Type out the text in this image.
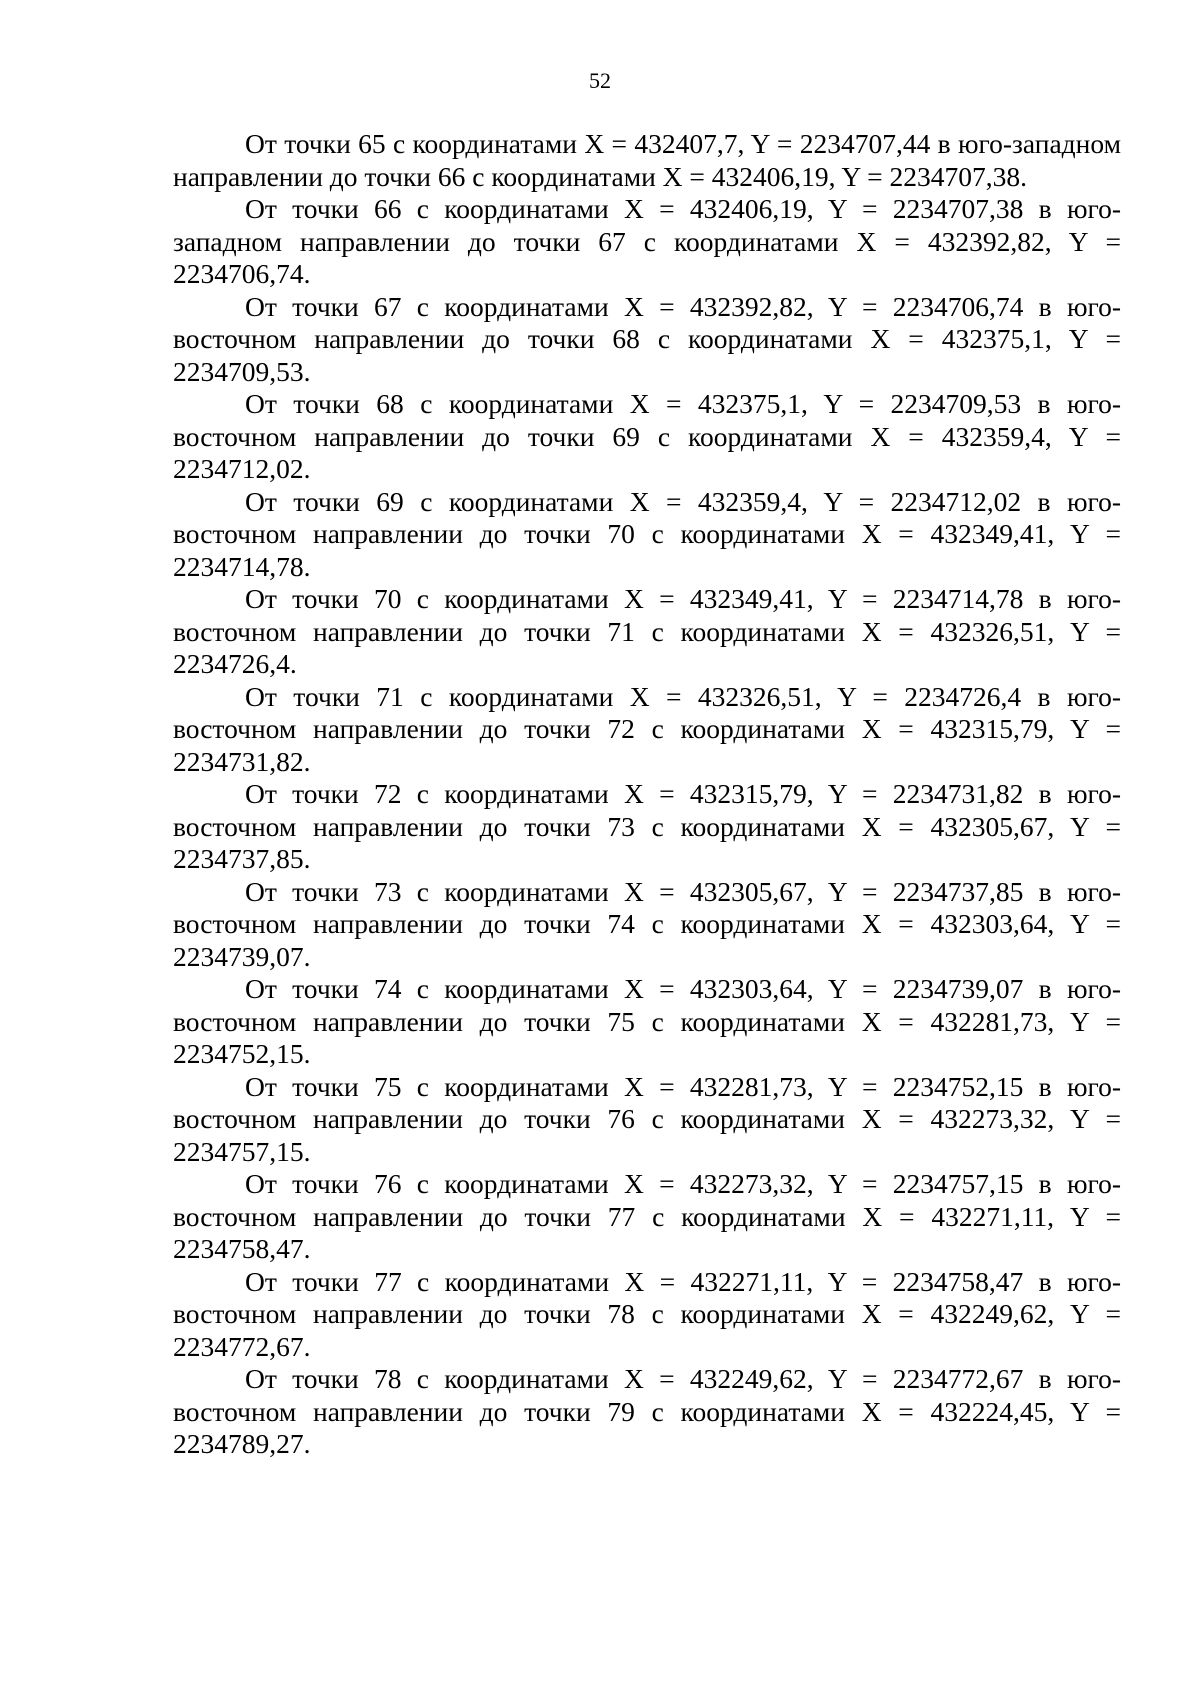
52

От точки 65 с координатами X = 432407,7, Y = 2234707,44 в юго-западном направлении до точки 66 с координатами X = 432406,19, Y = 2234707,38.

От точки 66 с координатами X = 432406,19, Y = 2234707,38 в юго-западном направлении до точки 67 с координатами X = 432392,82, Y = 2234706,74.

От точки 67 с координатами X = 432392,82, Y = 2234706,74 в юго-восточном направлении до точки 68 с координатами X = 432375,1, Y = 2234709,53.

От точки 68 с координатами X = 432375,1, Y = 2234709,53 в юго-восточном направлении до точки 69 с координатами X = 432359,4, Y = 2234712,02.

От точки 69 с координатами X = 432359,4, Y = 2234712,02 в юго-восточном направлении до точки 70 с координатами X = 432349,41, Y = 2234714,78.

От точки 70 с координатами X = 432349,41, Y = 2234714,78 в юго-восточном направлении до точки 71 с координатами X = 432326,51, Y = 2234726,4.

От точки 71 с координатами X = 432326,51, Y = 2234726,4 в юго-восточном направлении до точки 72 с координатами X = 432315,79, Y = 2234731,82.

От точки 72 с координатами X = 432315,79, Y = 2234731,82 в юго-восточном направлении до точки 73 с координатами X = 432305,67, Y = 2234737,85.

От точки 73 с координатами X = 432305,67, Y = 2234737,85 в юго-восточном направлении до точки 74 с координатами X = 432303,64, Y = 2234739,07.

От точки 74 с координатами X = 432303,64, Y = 2234739,07 в юго-восточном направлении до точки 75 с координатами X = 432281,73, Y = 2234752,15.

От точки 75 с координатами X = 432281,73, Y = 2234752,15 в юго-восточном направлении до точки 76 с координатами X = 432273,32, Y = 2234757,15.

От точки 76 с координатами X = 432273,32, Y = 2234757,15 в юго-восточном направлении до точки 77 с координатами X = 432271,11, Y = 2234758,47.

От точки 77 с координатами X = 432271,11, Y = 2234758,47 в юго-восточном направлении до точки 78 с координатами X = 432249,62, Y = 2234772,67.

От точки 78 с координатами X = 432249,62, Y = 2234772,67 в юго-восточном направлении до точки 79 с координатами X = 432224,45, Y = 2234789,27.
